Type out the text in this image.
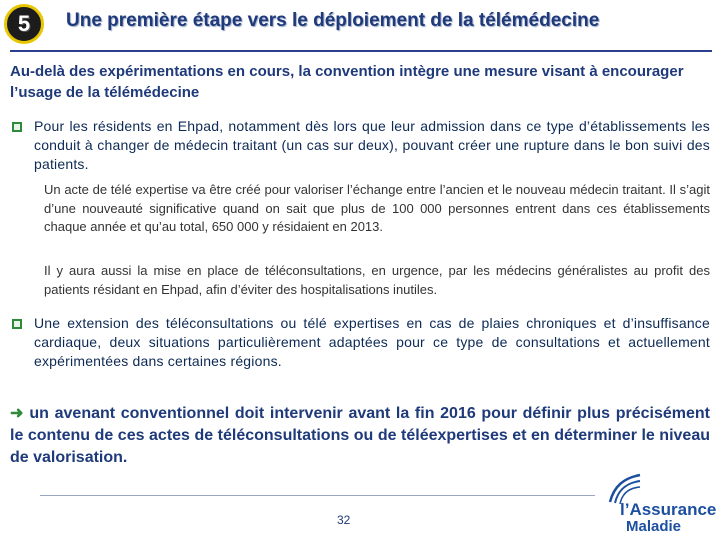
5 Une première étape vers le déploiement de la télémédecine

Au-delà des expérimentations en cours, la convention intègre une mesure visant à encourager l’usage de la télémédecine

Pour les résidents en Ehpad, notamment dès lors que leur admission dans ce type d’établissements les conduit à changer de médecin traitant (un cas sur deux), pouvant créer une rupture dans le bon suivi des patients.

Un acte de télé expertise va être créé pour valoriser l’échange entre l’ancien et le nouveau médecin traitant. Il s’agit d’une nouveauté significative quand on sait que plus de 100 000 personnes entrent dans ces établissements chaque année et qu’au total, 650 000 y résidaient en 2013.

Il y aura aussi la mise en place de téléconsultations, en urgence, par les médecins généralistes au profit des patients résidant en Ehpad, afin d’éviter des hospitalisations inutiles.

Une extension des téléconsultations ou télé expertises en cas de plaies chroniques et d’insuffisance cardiaque, deux situations particulièrement adaptées pour ce type de consultations et actuellement expérimentées dans certaines régions.

➜ un avenant conventionnel doit intervenir avant la fin 2016 pour définir plus précisément le contenu de ces actes de téléconsultations ou de téléexpertises et en déterminer le niveau de valorisation.

32
l’Assurance
Maladie
